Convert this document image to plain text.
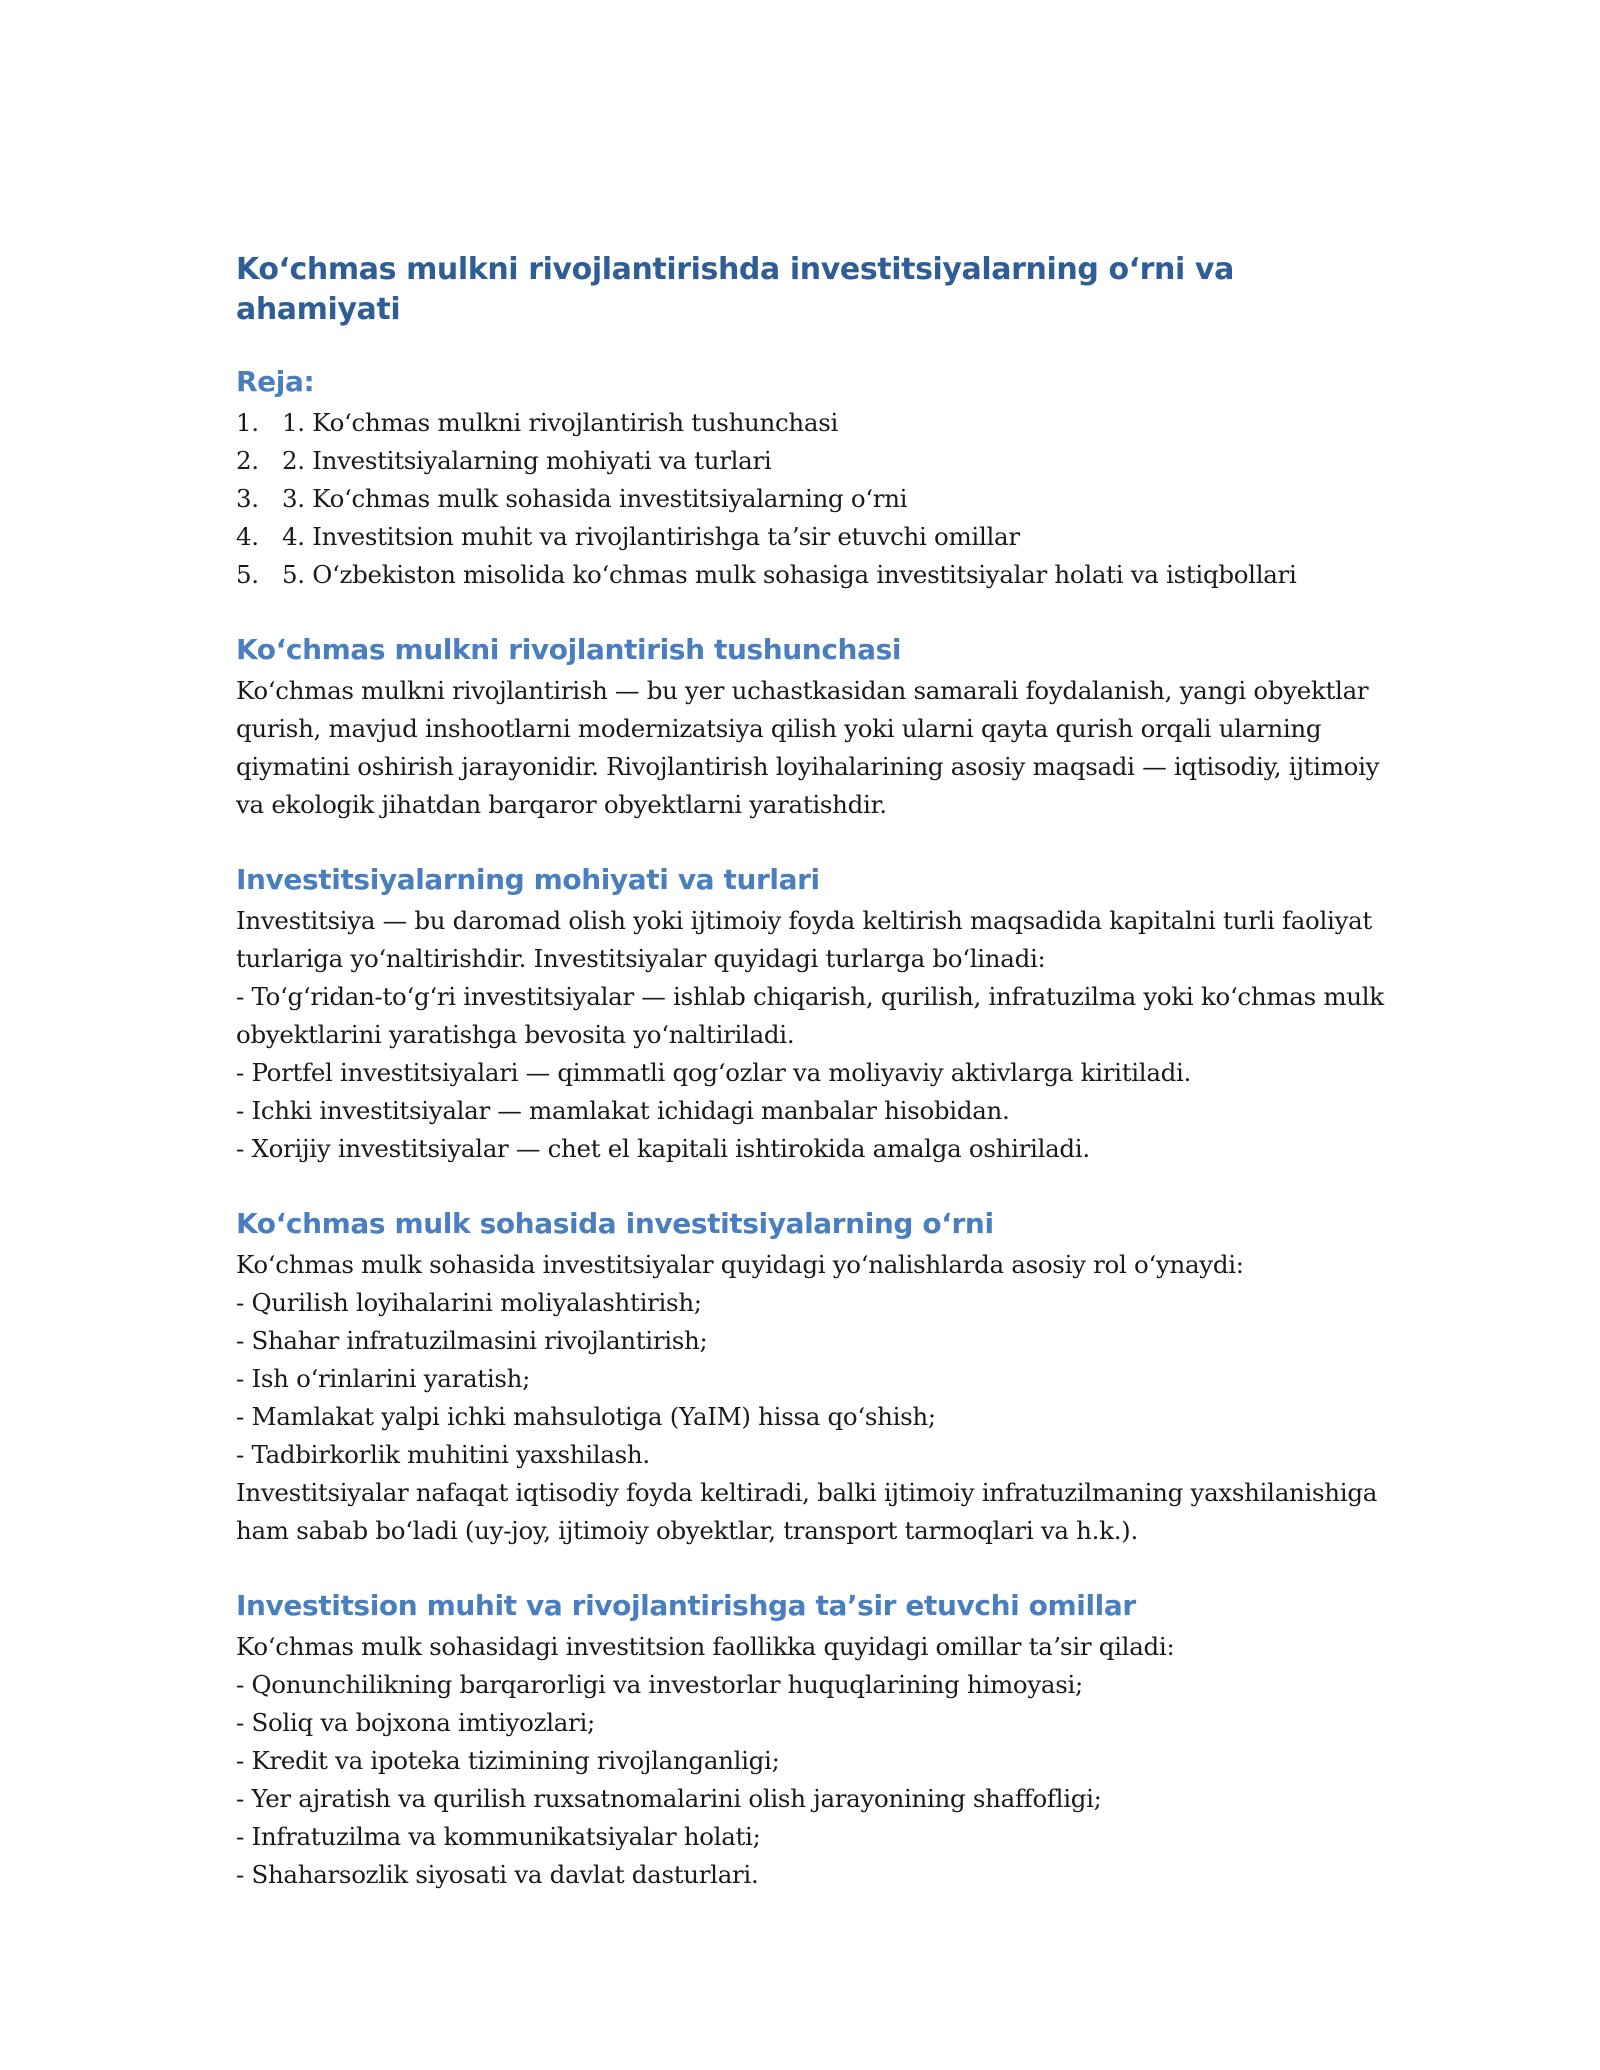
Koʻchmas mulkni rivojlantirishda investitsiyalarning oʻrni va ahamiyati
Reja:
1. 1. Koʻchmas mulkni rivojlantirish tushunchasi
2. 2. Investitsiyalarning mohiyati va turlari
3. 3. Koʻchmas mulk sohasida investitsiyalarning oʻrni
4. 4. Investitsion muhit va rivojlantirishga taʼsir etuvchi omillar
5. 5. Oʻzbekiston misolida koʻchmas mulk sohasiga investitsiyalar holati va istiqbollari
Koʻchmas mulkni rivojlantirish tushunchasi

Koʻchmas mulkni rivojlantirish — bu yer uchastkasidan samarali foydalanish, yangi obyektlar qurish, mavjud inshootlarni modernizatsiya qilish yoki ularni qayta qurish orqali ularning qiymatini oshirish jarayonidir. Rivojlantirish loyihalarining asosiy maqsadi — iqtisodiy, ijtimoiy va ekologik jihatdan barqaror obyektlarni yaratishdir.

Investitsiyalarning mohiyati va turlari

Investitsiya — bu daromad olish yoki ijtimoiy foyda keltirish maqsadida kapitalni turli faoliyat turlariga yoʻnaltirishdir. Investitsiyalar quyidagi turlarga boʻlinadi:

- Toʻgʻridan-toʻgʻri investitsiyalar — ishlab chiqarish, qurilish, infratuzilma yoki koʻchmas mulk obyektlarini yaratishga bevosita yoʻnaltiriladi.
- Portfel investitsiyalari — qimmatli qogʻozlar va moliyaviy aktivlarga kiritiladi.
- Ichki investitsiyalar — mamlakat ichidagi manbalar hisobidan.
- Xorijiy investitsiyalar — chet el kapitali ishtirokida amalga oshiriladi.
Koʻchmas mulk sohasida investitsiyalarning oʻrni

Koʻchmas mulk sohasida investitsiyalar quyidagi yoʻnalishlarda asosiy rol oʻynaydi:

- Qurilish loyihalarini moliyalashtirish;
- Shahar infratuzilmasini rivojlantirish;
- Ish oʻrinlarini yaratish;
- Mamlakat yalpi ichki mahsulotiga (YaIM) hissa qoʻshish;
- Tadbirkorlik muhitini yaxshilash.

Investitsiyalar nafaqat iqtisodiy foyda keltiradi, balki ijtimoiy infratuzilmaning yaxshilanishiga ham sabab boʻladi (uy-joy, ijtimoiy obyektlar, transport tarmoqlari va h.k.).

Investitsion muhit va rivojlantirishga taʼsir etuvchi omillar

Koʻchmas mulk sohasidagi investitsion faollikka quyidagi omillar taʼsir qiladi:

- Qonunchilikning barqarorligi va investorlar huquqlarining himoyasi;
- Soliq va bojxona imtiyozlari;
- Kredit va ipoteka tizimining rivojlanganligi;
- Yer ajratish va qurilish ruxsatnomalarini olish jarayonining shaffofligi;
- Infratuzilma va kommunikatsiyalar holati;
- Shaharsozlik siyosati va davlat dasturlari.
